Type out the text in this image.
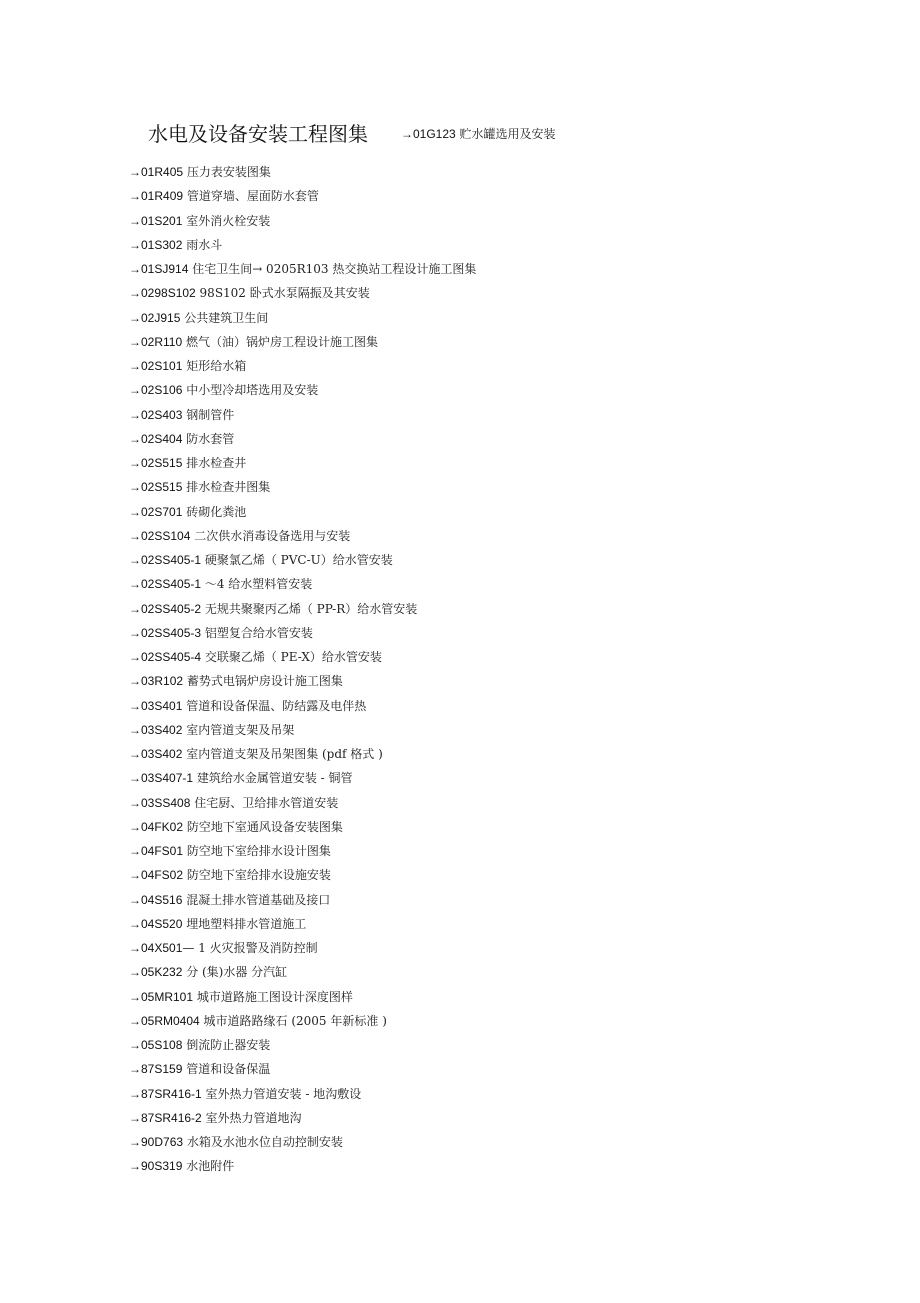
水电及设备安装工程图集	→01G123 贮水罐选用及安装
→01R405 压力表安装图集
→01R409 管道穿墙、屋面防水套管
→01S201 室外消火栓安装
→01S302 雨水斗
→01SJ914 住宅卫生间→ 0205R103 热交换站工程设计施工图集
→0298S102 98S102 卧式水泵隔振及其安装
→02J915 公共建筑卫生间
→02R110 燃气（油）锅炉房工程设计施工图集
→02S101 矩形给水箱
→02S106 中小型冷却塔选用及安装
→02S403 钢制管件
→02S404 防水套管
→02S515 排水检查井
→02S515 排水检查井图集
→02S701 砖砌化粪池
→02SS104 二次供水消毒设备选用与安装
→02SS405-1 硬聚氯乙烯（ PVC-U）给水管安装
→02SS405-1 ～4 给水塑料管安装
→02SS405-2 无规共聚聚丙乙烯（ PP-R）给水管安装
→02SS405-3 铝塑复合给水管安装
→02SS405-4 交联聚乙烯（ PE-X）给水管安装
→03R102 蓄势式电锅炉房设计施工图集
→03S401 管道和设备保温、防结露及电伴热
→03S402 室内管道支架及吊架
→03S402 室内管道支架及吊架图集 (pdf 格式 )
→03S407-1 建筑给水金属管道安装 - 铜管
→03SS408 住宅厨、卫给排水管道安装
→04FK02 防空地下室通风设备安装图集
→04FS01 防空地下室给排水设计图集
→04FS02 防空地下室给排水设施安装
→04S516 混凝土排水管道基础及接口
→04S520 埋地塑料排水管道施工
→04X501— 1 火灾报警及消防控制
→05K232 分 (集)水器 分汽缸
→05MR101 城市道路施工图设计深度图样
→05RM0404 城市道路路缘石 (2005 年新标准 )
→05S108 倒流防止器安装
→87S159 管道和设备保温
→87SR416-1 室外热力管道安装 - 地沟敷设
→87SR416-2 室外热力管道地沟
→90D763 水箱及水池水位自动控制安装
→90S319 水池附件
